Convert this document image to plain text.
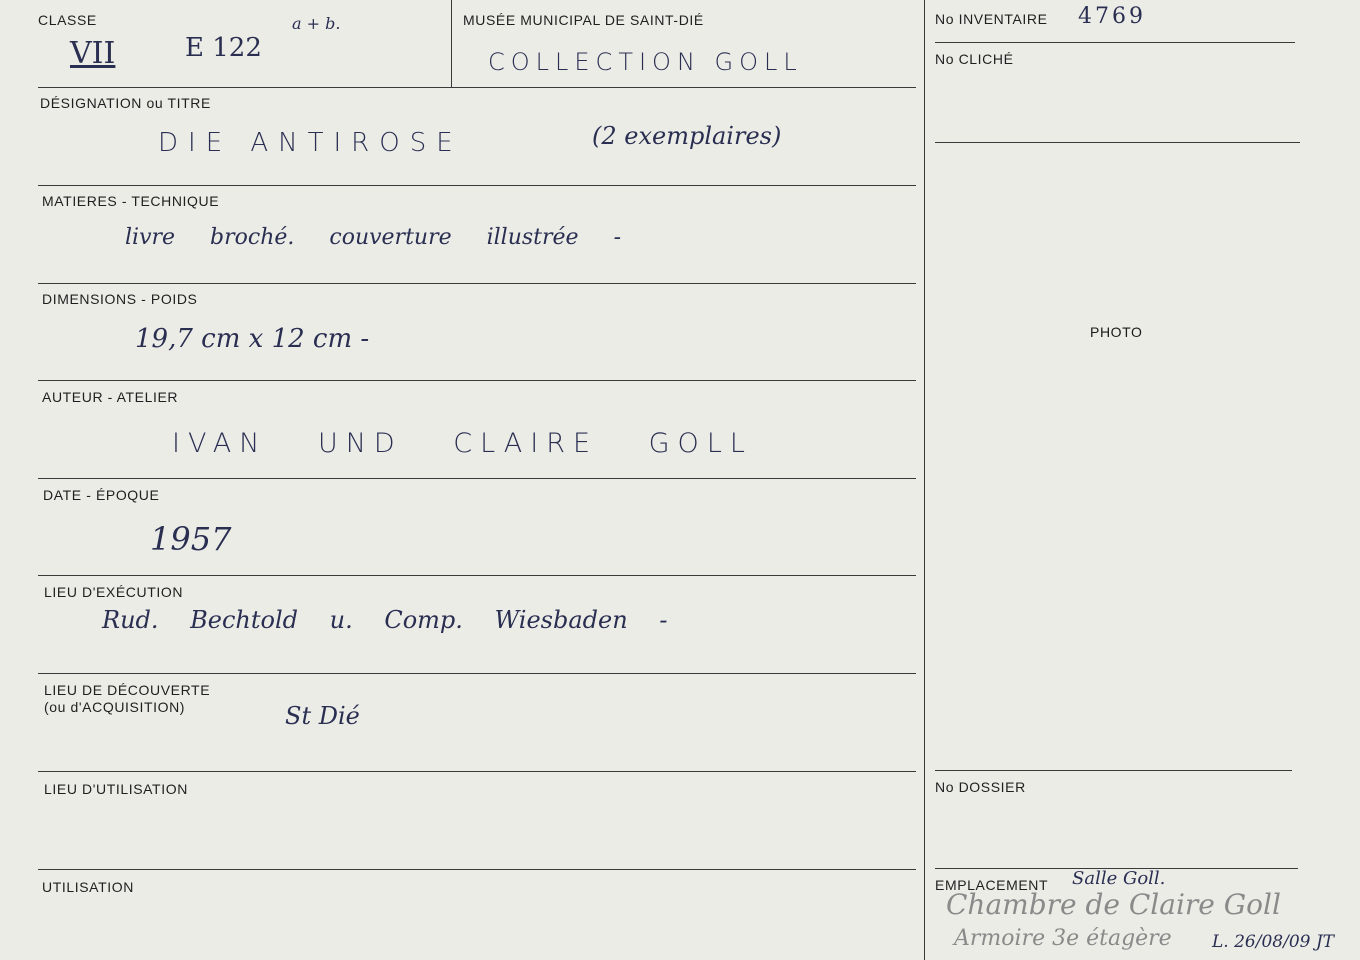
CLASSE
VII	E 122
a + b.	MUSÉE MUNICIPAL DE SAINT-DIÉ
COLLECTION GOLL
DÉSIGNATION ou TITRE
DIE ANTIROSE	(2 exemplaires)
MATIERES - TECHNIQUE
livre broché. couverture illustrée -
DIMENSIONS - POIDS
19,7 cm x 12 cm -
AUTEUR - ATELIER
IVAN UND CLAIRE GOLL
DATE - ÉPOQUE
1957
LIEU D'EXÉCUTION
Rud. Bechtold u. Comp. Wiesbaden -
LIEU DE DÉCOUVERTE
(ou d'ACQUISITION)	St Dié
LIEU D'UTILISATION
UTILISATION
No INVENTAIRE 4769
No CLICHÉ
PHOTO
No DOSSIER
EMPLACEMENT Salle Goll.
Chambre de Claire Goll
Armoire 3e étagère L. 26/08/09 JT
